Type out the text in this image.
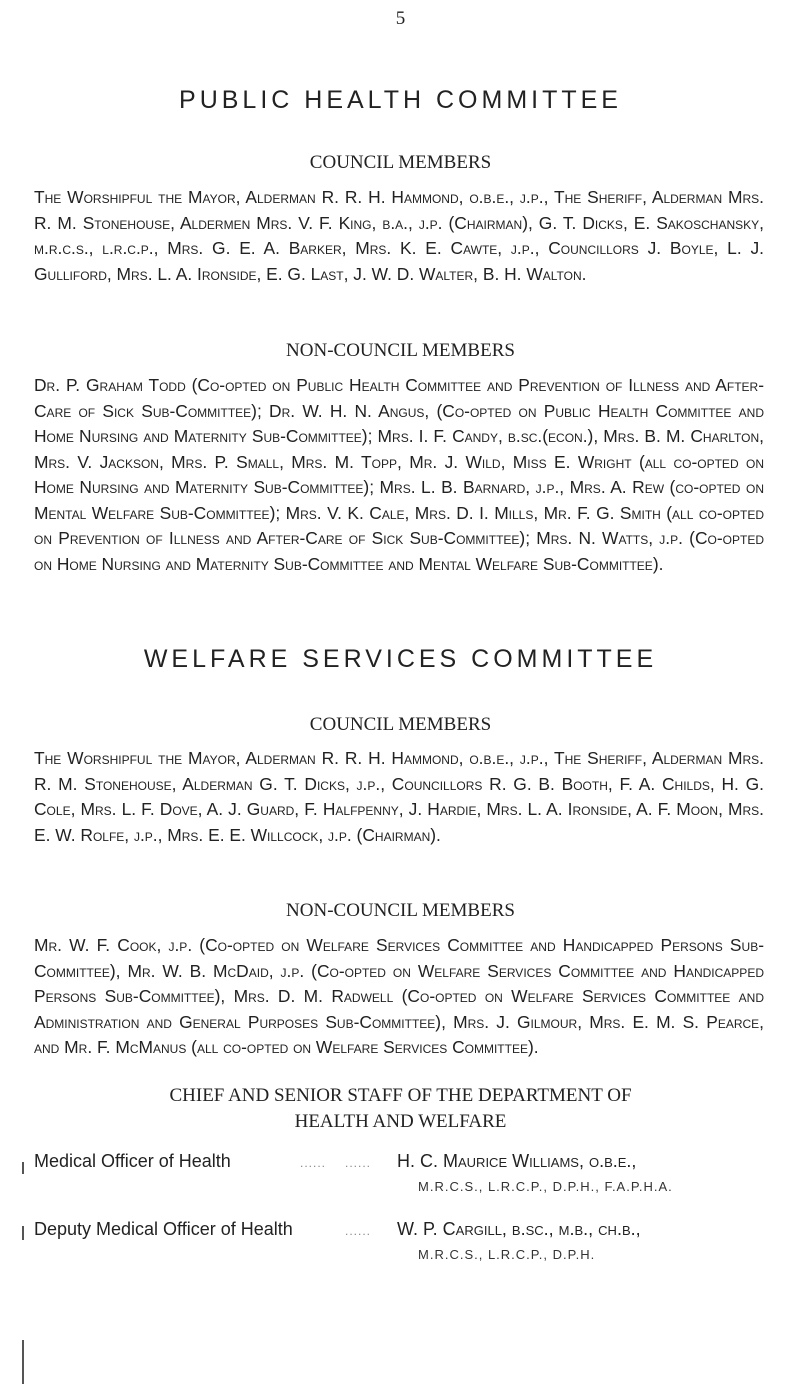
5
PUBLIC HEALTH COMMITTEE
COUNCIL MEMBERS

The Worshipful the Mayor, Alderman R. R. H. Hammond, o.b.e., j.p., The Sheriff, Alderman Mrs. R. M. Stonehouse, Aldermen Mrs. V. F. King, b.a., j.p. (Chairman), G. T. Dicks, E. Sakoschansky, m.r.c.s., l.r.c.p., Mrs. G. E. A. Barker, Mrs. K. E. Cawte, j.p., Councillors J. Boyle, L. J. Gulliford, Mrs. L. A. Ironside, E. G. Last, J. W. D. Walter, B. H. Walton.

NON-COUNCIL MEMBERS

Dr. P. Graham Todd (Co-opted on Public Health Committee and Prevention of Illness and After-Care of Sick Sub-Committee); Dr. W. H. N. Angus, (Co-opted on Public Health Committee and Home Nursing and Maternity Sub-Committee); Mrs. I. F. Candy, b.sc.(econ.), Mrs. B. M. Charlton, Mrs. V. Jackson, Mrs. P. Small, Mrs. M. Topp, Mr. J. Wild, Miss E. Wright (all co-opted on Home Nursing and Maternity Sub-Committee); Mrs. L. B. Barnard, j.p., Mrs. A. Rew (co-opted on Mental Welfare Sub-Committee); Mrs. V. K. Cale, Mrs. D. I. Mills, Mr. F. G. Smith (all co-opted on Prevention of Illness and After-Care of Sick Sub-Committee); Mrs. N. Watts, j.p. (Co-opted on Home Nursing and Maternity Sub-Committee and Mental Welfare Sub-Committee).

WELFARE SERVICES COMMITTEE
COUNCIL MEMBERS

The Worshipful the Mayor, Alderman R. R. H. Hammond, o.b.e., j.p., The Sheriff, Alderman Mrs. R. M. Stonehouse, Alderman G. T. Dicks, j.p., Councillors R. G. B. Booth, F. A. Childs, H. G. Cole, Mrs. L. F. Dove, A. J. Guard, F. Halfpenny, J. Hardie, Mrs. L. A. Ironside, A. F. Moon, Mrs. E. W. Rolfe, j.p., Mrs. E. E. Willcock, j.p. (Chairman).

NON-COUNCIL MEMBERS

Mr. W. F. Cook, j.p. (Co-opted on Welfare Services Committee and Handicapped Persons Sub-Committee), Mr. W. B. McDaid, j.p. (Co-opted on Welfare Services Committee and Handicapped Persons Sub-Committee), Mrs. D. M. Radwell (Co-opted on Welfare Services Committee and Administration and General Purposes Sub-Committee), Mrs. J. Gilmour, Mrs. E. M. S. Pearce, and Mr. F. McManus (all co-opted on Welfare Services Committee).

CHIEF AND SENIOR STAFF OF THE DEPARTMENT OF
HEALTH AND WELFARE
Medical Officer of Health	...... ...... H. C. Maurice Williams, o.b.e.,
M.R.C.S., L.R.C.P., D.P.H., F.A.P.H.A.
Deputy Medical Officer of Health	...... W. P. Cargill, b.sc., m.b., ch.b.,
M.R.C.S., L.R.C.P., D.P.H.
